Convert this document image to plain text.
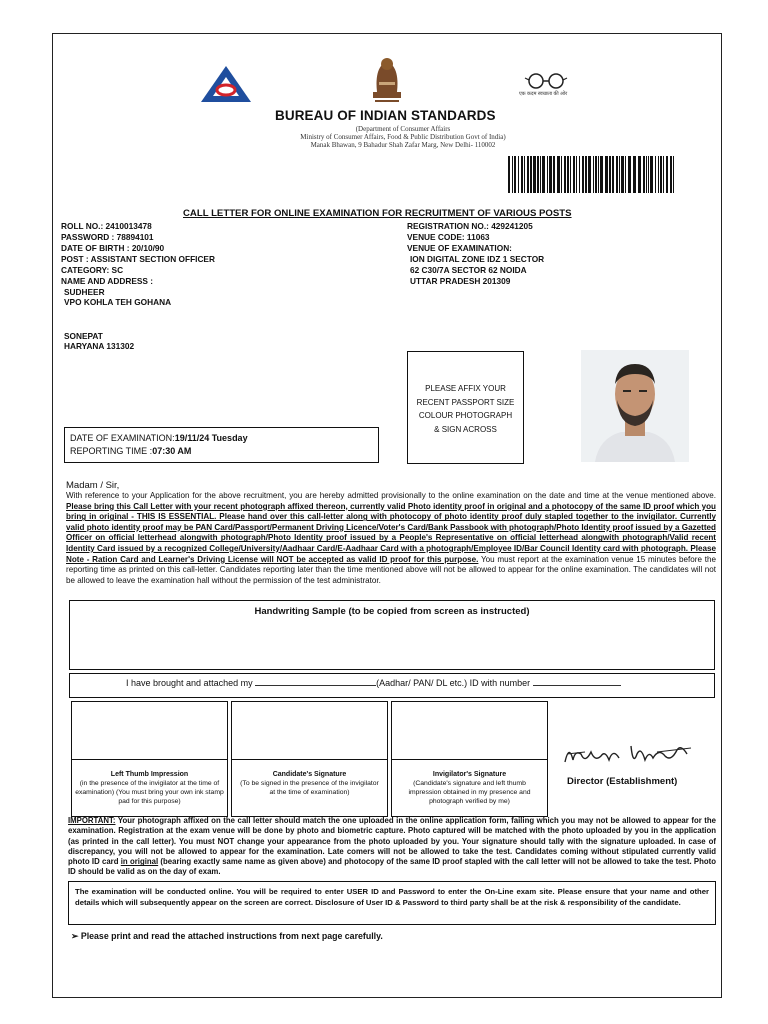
एक कदम स्वच्छता की ओर
BUREAU OF INDIAN STANDARDS
(Department of Consumer Affairs
Ministry of Consumer Affairs, Food & Public Distribution Govt of India)
Manak Bhawan, 9 Bahadur Shah Zafar Marg, New Delhi- 110002
CALL LETTER FOR ONLINE EXAMINATION FOR RECRUITMENT OF VARIOUS POSTS
ROLL NO.: 2410013478
PASSWORD : 78894101
DATE OF BIRTH : 20/10/90
POST : ASSISTANT SECTION OFFICER
CATEGORY: SC
NAME AND ADDRESS :
SUDHEER
VPO KOHLA TEH GOHANA
SONEPAT
HARYANA 131302
REGISTRATION NO.: 429241205
VENUE CODE: 11063
VENUE OF EXAMINATION:
ION DIGITAL ZONE IDZ 1 SECTOR
62 C30/7A SECTOR 62 NOIDA
UTTAR PRADESH 201309
PLEASE AFFIX YOUR
RECENT PASSPORT SIZE
COLOUR PHOTOGRAPH
& SIGN ACROSS
DATE OF EXAMINATION:19/11/24 Tuesday
REPORTING TIME :07:30 AM
Madam / Sir,
With reference to your Application for the above recruitment, you are hereby admitted provisionally to the online examination on the date and time at the venue mentioned above. Please bring this Call Letter with your recent photograph affixed thereon, currently valid Photo identity proof in original and a photocopy of the same ID proof which you bring in original - THIS IS ESSENTIAL. Please hand over this call-letter along with photocopy of photo identity proof duly stapled together to the invigilator. Currently valid photo identity proof may be PAN Card/Passport/Permanent Driving Licence/Voter's Card/Bank Passbook with photograph/Photo Identity proof issued by a Gazetted Officer on official letterhead alongwith photograph/Photo Identity proof issued by a People's Representative on official letterhead alongwith photograph/Valid recent Identity Card issued by a recognized College/University/Aadhaar Card/E-Aadhaar Card with a photograph/Employee ID/Bar Council Identity card with photograph. Please Note - Ration Card and Learner's Driving License will NOT be accepted as valid ID proof for this purpose. You must report at the examination venue 15 minutes before the reporting time as printed on this call-letter. Candidates reporting later than the time mentioned above will not be allowed to appear for the online examination. The candidates will not be allowed to leave the examination hall without the permission of the test administrator.
Handwriting Sample (to be copied from screen as instructed)
I have brought and attached my	(Aadhar/ PAN/ DL etc.) ID with number
Left Thumb Impression
(in the presence of the invigilator at the time of examination) (You must bring your own ink stamp pad for this purpose)
Candidate's Signature
(To be signed in the presence of the invigilator at the time of examination)
Invigilator's Signature
(Candidate's signature and left thumb impression obtained in my presence and photograph verified by me)
Director (Establishment)
IMPORTANT: Your photograph affixed on the call letter should match the one uploaded in the online application form, failing which you may not be allowed to appear for the examination. Registration at the exam venue will be done by photo and biometric capture. Photo captured will be matched with the photo uploaded by you in the application (as printed in the call letter). You must NOT change your appearance from the photo uploaded by you. Your signature should tally with the signature uploaded. In case of discrepancy, you will not be allowed to appear for the examination. Late comers will not be allowed to take the test. Candidates coming without stipulated currently valid photo ID card in original (bearing exactly same name as given above) and photocopy of the same ID proof stapled with the call letter will not be allowed to take the test. Photo ID should be valid as on the day of exam.
The examination will be conducted online. You will be required to enter USER ID and Password to enter the On-Line exam site. Please ensure that your name and other details which will subsequently appear on the screen are correct. Disclosure of User ID & Password to third party shall be at the risk & responsibility of the candidate.
➢ Please print and read the attached instructions from next page carefully.
